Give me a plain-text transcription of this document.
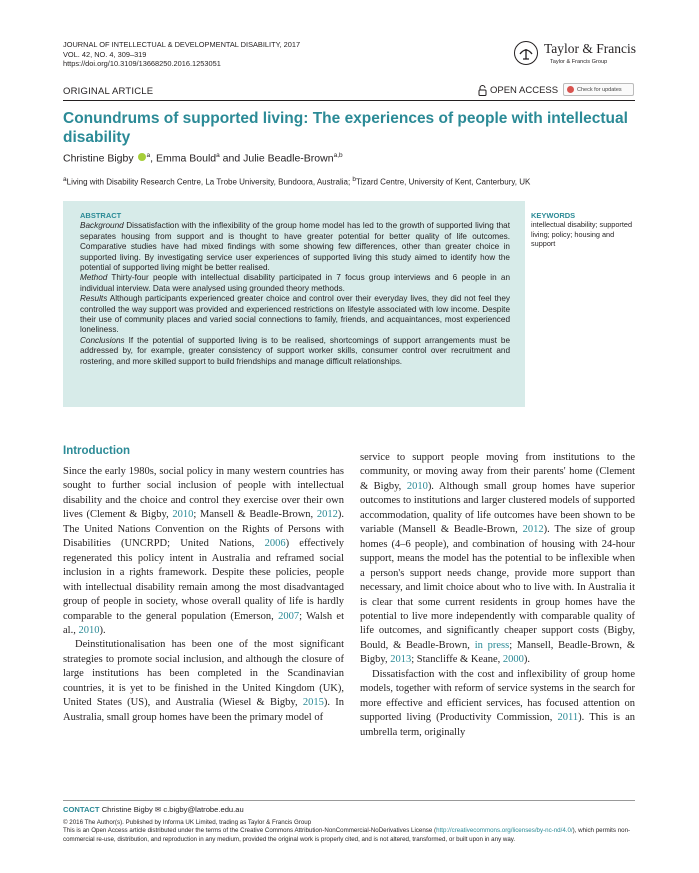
JOURNAL OF INTELLECTUAL & DEVELOPMENTAL DISABILITY, 2017
VOL. 42, NO. 4, 309–319
https://doi.org/10.3109/13668250.2016.1253051
Taylor & Francis
Taylor & Francis Group
ORIGINAL ARTICLE	OPEN ACCESS	Check for updates
Conundrums of supported living: The experiences of people with intellectual disability
Christine Bigby $^a$, Emma Bould$^a$ and Julie Beadle-Brown$^{a,b}$
$^a$Living with Disability Research Centre, La Trobe University, Bundoora, Australia; $^b$Tizard Centre, University of Kent, Canterbury, UK
ABSTRACT
Background Dissatisfaction with the inflexibility of the group home model has led to the growth of supported living that separates housing from support and is thought to have greater potential for better quality of life outcomes. Comparative studies have had mixed findings with some showing few differences, other than greater choice in supported living. By investigating service user experiences of supported living this study aimed to identify how the potential of supported living might be better realised.
Method Thirty-four people with intellectual disability participated in 7 focus group interviews and 6 people in an individual interview. Data were analysed using grounded theory methods.
Results Although participants experienced greater choice and control over their everyday lives, they did not feel they controlled the way support was provided and experienced restrictions on lifestyle associated with low income. Despite their use of community places and varied social connections to family, friends, and acquaintances, most experienced loneliness.
Conclusions If the potential of supported living is to be realised, shortcomings of support arrangements must be addressed by, for example, greater consistency of support worker skills, consumer control over recruitment and rostering, and more skilled support to build friendships and manage difficult relationships.
KEYWORDS
intellectual disability; supported living; policy; housing and support
Introduction

Since the early 1980s, social policy in many western countries has sought to further social inclusion of people with intellectual disability and the choice and control they exercise over their own lives (Clement & Bigby, 2010; Mansell & Beadle-Brown, 2012). The United Nations Convention on the Rights of Persons with Disabilities (UNCRPD; United Nations, 2006) effectively regenerated this policy intent in Australia and reframed social inclusion in a rights framework. Despite these policies, people with intellectual disability remain among the most disadvantaged group of people in society, whose overall quality of life is hardly comparable to the general population (Emerson, 2007; Walsh et al., 2010).

Deinstitutionalisation has been one of the most significant strategies to promote social inclusion, and although the closure of large institutions has been completed in the Scandinavian countries, it is yet to be finished in the United Kingdom (UK), United States (US), and Australia (Wiesel & Bigby, 2015). In Australia, small group homes have been the primary model of

service to support people moving from institutions to the community, or moving away from their parents' home (Clement & Bigby, 2010). Although small group homes have superior outcomes to institutions and larger clustered models of supported accommodation, quality of life outcomes have been shown to be variable (Mansell & Beadle-Brown, 2012). The size of group homes (4–6 people), and combination of housing with 24-hour support, means the model has the potential to be inflexible when a person's support needs change, provide more support than necessary, and limit choice about who to live with. In Australia it is clear that some current residents in group homes have the potential to live more independently with comparable quality of life outcomes, and significantly cheaper support costs (Bigby, Bould, & Beadle-Brown, in press; Mansell, Beadle-Brown, & Bigby, 2013; Stancliffe & Keane, 2000).

Dissatisfaction with the cost and inflexibility of group home models, together with reform of service systems in the search for more effective and efficient services, has focused attention on supported living (Productivity Commission, 2011). This is an umbrella term, originally

CONTACT Christine Bigby ✉ c.bigby@latrobe.edu.au
© 2016 The Author(s). Published by Informa UK Limited, trading as Taylor & Francis Group
This is an Open Access article distributed under the terms of the Creative Commons Attribution-NonCommercial-NoDerivatives License (http://creativecommons.org/licenses/by-nc-nd/4.0/), which permits non-commercial re-use, distribution, and reproduction in any medium, provided the original work is properly cited, and is not altered, transformed, or built upon in any way.
